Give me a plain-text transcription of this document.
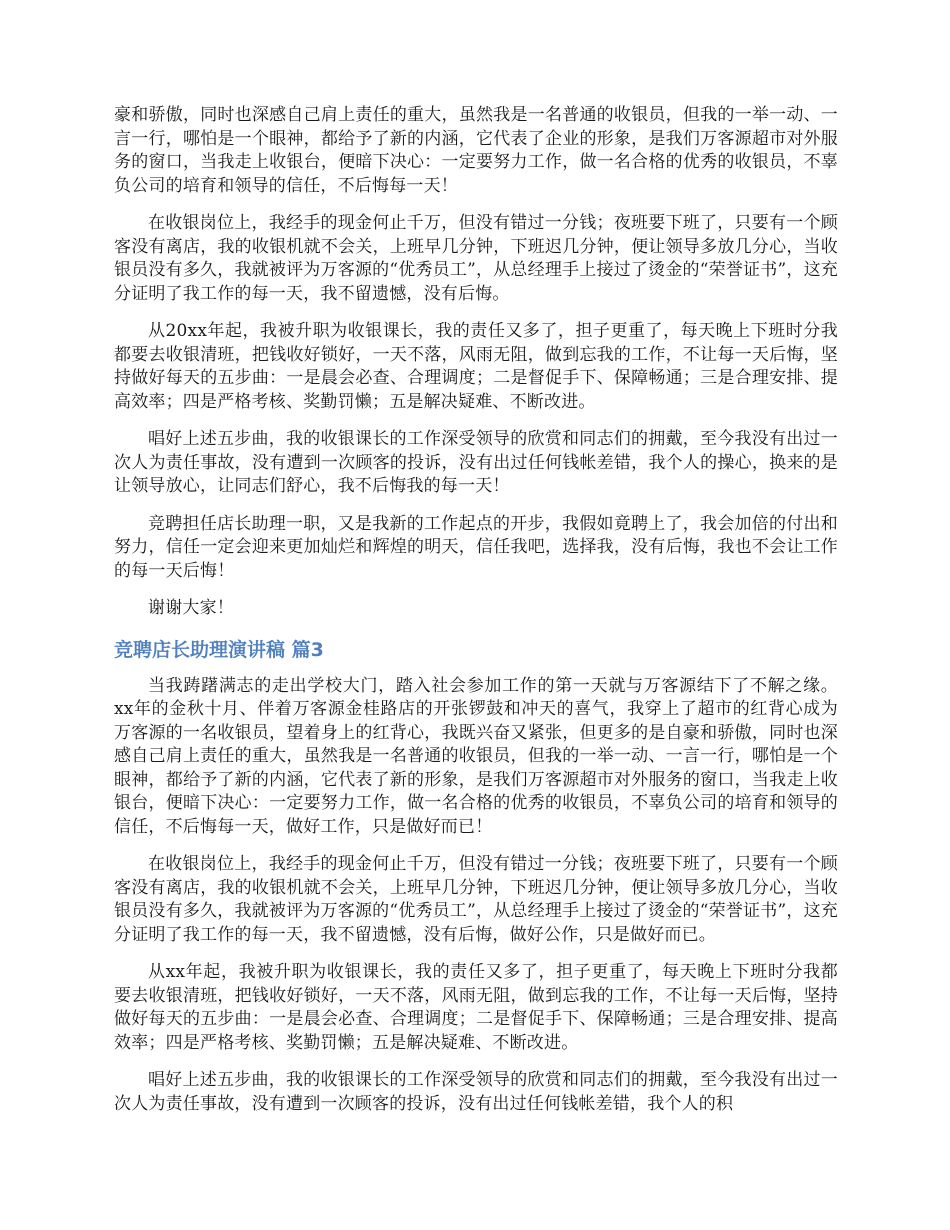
豪和骄傲，同时也深感自己肩上责任的重大，虽然我是一名普通的收银员，但我的一举一动、一言一行，哪怕是一个眼神，都给予了新的内涵，它代表了企业的形象，是我们万客源超市对外服务的窗口，当我走上收银台，便暗下决心：一定要努力工作，做一名合格的优秀的收银员，不辜负公司的培育和领导的信任，不后悔每一天！

在收银岗位上，我经手的现金何止千万，但没有错过一分钱；夜班要下班了，只要有一个顾客没有离店，我的收银机就不会关，上班早几分钟，下班迟几分钟，便让领导多放几分心，当收银员没有多久，我就被评为万客源的“优秀员工”，从总经理手上接过了烫金的“荣誉证书”，这充分证明了我工作的每一天，我不留遗憾，没有后悔。

从20xx年起，我被升职为收银课长，我的责任又多了，担子更重了，每天晚上下班时分我都要去收银清班，把钱收好锁好，一天不落，风雨无阻，做到忘我的工作，不让每一天后悔，坚持做好每天的五步曲：一是晨会必查、合理调度；二是督促手下、保障畅通；三是合理安排、提高效率；四是严格考核、奖勤罚懒；五是解决疑难、不断改进。

唱好上述五步曲，我的收银课长的工作深受领导的欣赏和同志们的拥戴，至今我没有出过一次人为责任事故，没有遭到一次顾客的投诉，没有出过任何钱帐差错，我个人的操心，换来的是让领导放心，让同志们舒心，我不后悔我的每一天！

竞聘担任店长助理一职，又是我新的工作起点的开步，我假如竟聘上了，我会加倍的付出和努力，信任一定会迎来更加灿烂和辉煌的明天，信任我吧，选择我，没有后悔，我也不会让工作的每一天后悔！

谢谢大家！

竞聘店长助理演讲稿 篇3

当我踌躇满志的走出学校大门，踏入社会参加工作的第一天就与万客源结下了不解之缘。xx年的金秋十月、伴着万客源金桂路店的开张锣鼓和冲天的喜气，我穿上了超市的红背心成为万客源的一名收银员，望着身上的红背心，我既兴奋又紧张，但更多的是自豪和骄傲，同时也深感自己肩上责任的重大，虽然我是一名普通的收银员，但我的一举一动、一言一行，哪怕是一个眼神，都给予了新的内涵，它代表了新的形象，是我们万客源超市对外服务的窗口，当我走上收银台，便暗下决心：一定要努力工作，做一名合格的优秀的收银员，不辜负公司的培育和领导的信任，不后悔每一天，做好工作，只是做好而已！

在收银岗位上，我经手的现金何止千万，但没有错过一分钱；夜班要下班了，只要有一个顾客没有离店，我的收银机就不会关，上班早几分钟，下班迟几分钟，便让领导多放几分心，当收银员没有多久，我就被评为万客源的“优秀员工”，从总经理手上接过了烫金的“荣誉证书”，这充分证明了我工作的每一天，我不留遗憾，没有后悔，做好公作，只是做好而已。

从xx年起，我被升职为收银课长，我的责任又多了，担子更重了，每天晚上下班时分我都要去收银清班，把钱收好锁好，一天不落，风雨无阻，做到忘我的工作，不让每一天后悔，坚持做好每天的五步曲：一是晨会必查、合理调度；二是督促手下、保障畅通；三是合理安排、提高效率；四是严格考核、奖勤罚懒；五是解决疑难、不断改进。

唱好上述五步曲，我的收银课长的工作深受领导的欣赏和同志们的拥戴，至今我没有出过一次人为责任事故，没有遭到一次顾客的投诉，没有出过任何钱帐差错，我个人的积
